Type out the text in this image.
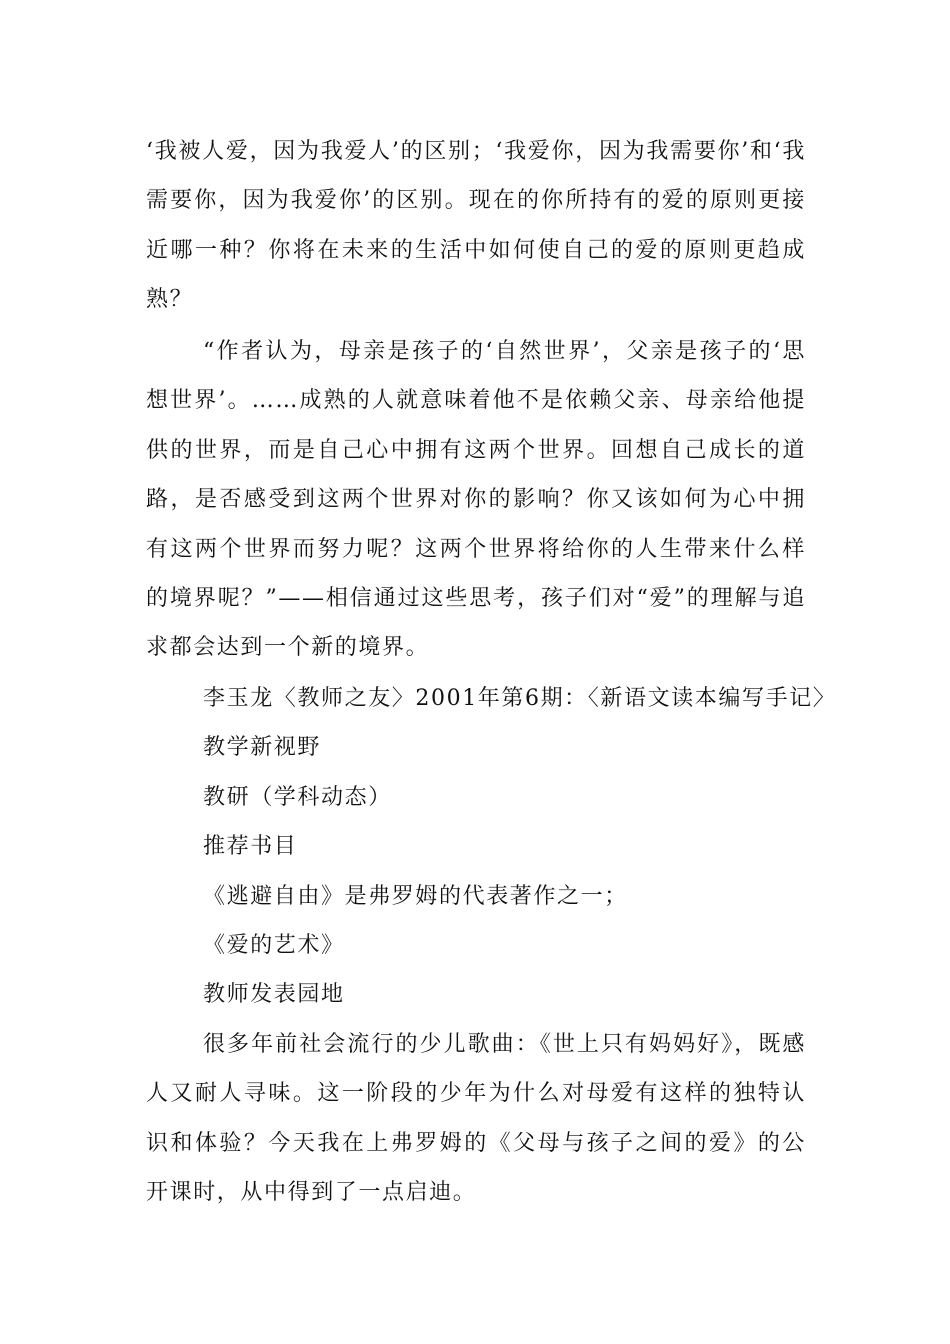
‘我被人爱，因为我爱人’的区别；‘我爱你，因为我需要你’和‘我需要你，因为我爱你’的区别。现在的你所持有的爱的原则更接近哪一种？你将在未来的生活中如何使自己的爱的原则更趋成熟？

“作者认为，母亲是孩子的‘自然世界’，父亲是孩子的‘思想世界’。……成熟的人就意味着他不是依赖父亲、母亲给他提供的世界，而是自己心中拥有这两个世界。回想自己成长的道路，是否感受到这两个世界对你的影响？你又该如何为心中拥有这两个世界而努力呢？这两个世界将给你的人生带来什么样的境界呢？”——相信通过这些思考，孩子们对“爱”的理解与追求都会达到一个新的境界。

李玉龙〈教师之友〉2001年第6期：〈新语文读本编写手记〉

教学新视野

教研（学科动态）

推荐书目

《逃避自由》是弗罗姆的代表著作之一；

《爱的艺术》

教师发表园地

很多年前社会流行的少儿歌曲：《世上只有妈妈好》，既感人又耐人寻味。这一阶段的少年为什么对母爱有这样的独特认识和体验？今天我在上弗罗姆的《父母与孩子之间的爱》的公开课时，从中得到了一点启迪。
